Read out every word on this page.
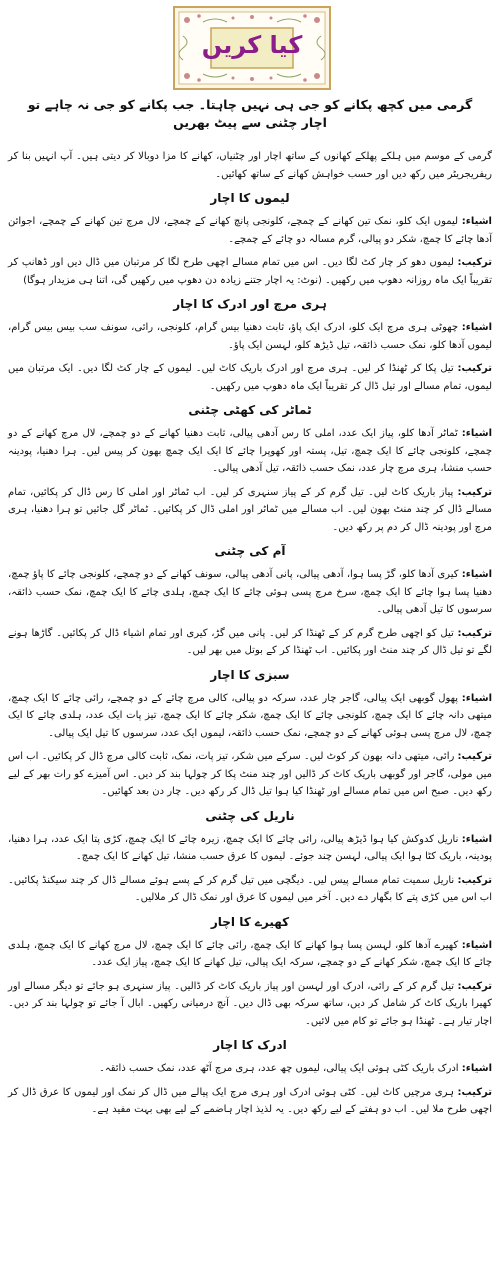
کیا کریں
گرمی میں کچھ پکانے کو جی ہی نہیں چاہتا۔ جب پکانے کو جی نہ چاہے تو اچار چٹنی سے پیٹ بھریں

گرمی کے موسم میں ہلکے پھلکے کھانوں کے ساتھ اچار اور چٹنیاں، کھانے کا مزا دوبالا کر دیتی ہیں۔ آپ انہیں بنا کر ریفریجریٹر میں رکھ دیں اور حسب خواہش کھانے کے ساتھ کھائیں۔

لیموں کا اچار

اشیاء: لیموں ایک کلو، نمک تین کھانے کے چمچے، کلونجی پانچ کھانے کے چمچے، لال مرچ تین کھانے کے چمچے، اجوائن آدھا چائے کا چمچ، شکر دو پیالی، گرم مسالہ دو چائے کے چمچے۔

ترکیب: لیموں دھو کر چار کٹ لگا دیں۔ اس میں تمام مسالے اچھی طرح لگا کر مرتبان میں ڈال دیں اور ڈھانپ کر تقریباً ایک ماہ روزانہ دھوپ میں رکھیں۔ (نوٹ: یہ اچار جتنے زیادہ دن دھوپ میں رکھیں گی، اتنا ہی مزیدار ہوگا)

ہری مرچ اور ادرک کا اچار

اشیاء: چھوٹی ہری مرچ ایک کلو، ادرک ایک پاؤ، ثابت دھنیا بیس گرام، کلونجی، رائی، سونف سب بیس بیس گرام، لیموں آدھا کلو، نمک حسب ذائقہ، تیل ڈیڑھ کلو، لہسن ایک پاؤ۔

ترکیب: تیل پکا کر ٹھنڈا کر لیں۔ ہری مرچ اور ادرک باریک کاٹ لیں۔ لیموں کے چار کٹ لگا دیں۔ ایک مرتبان میں لیموں، تمام مسالے اور تیل ڈال کر تقریباً ایک ماہ دھوپ میں رکھیں۔

ٹماٹر کی کھٹی چٹنی

اشیاء: ٹماٹر آدھا کلو، پیاز ایک عدد، املی کا رس آدھی پیالی، ثابت دھنیا کھانے کے دو چمچے، لال مرچ کھانے کے دو چمچے، کلونجی چائے کا ایک چمچ، تیل، پستہ اور کھوپرا چائے کا ایک ایک چمچ بھون کر پیس لیں۔ ہرا دھنیا، پودینہ حسب منشا، ہری مرچ چار عدد، نمک حسب ذائقہ، تیل آدھی پیالی۔

ترکیب: پیاز باریک کاٹ لیں۔ تیل گرم کر کے پیاز سنہری کر لیں۔ اب ٹماٹر اور املی کا رس ڈال کر پکائیں، تمام مسالے ڈال کر چند منٹ بھون لیں۔ اب مسالے میں ٹماٹر اور املی ڈال کر پکائیں۔ ٹماٹر گل جائیں تو ہرا دھنیا، ہری مرچ اور پودینہ ڈال کر دم پر رکھ دیں۔

آم کی چٹنی

اشیاء: کیری آدھا کلو، گڑ پسا ہوا، آدھی پیالی، پانی آدھی پیالی، سونف کھانے کے دو چمچے، کلونجی چائے کا پاؤ چمچ، دھنیا پسا ہوا چائے کا ایک چمچ، سرخ مرچ پسی ہوئی چائے کا ایک چمچ، ہلدی چائے کا ایک چمچ، نمک حسب ذائقہ، سرسوں کا تیل آدھی پیالی۔

ترکیب: تیل کو اچھی طرح گرم کر کے ٹھنڈا کر لیں۔ پانی میں گڑ، کیری اور تمام اشیاء ڈال کر پکائیں۔ گاڑھا ہونے لگے تو تیل ڈال کر چند منٹ اور پکائیں۔ اب ٹھنڈا کر کے بوتل میں بھر لیں۔

سبزی کا اچار

اشیاء: پھول گوبھی ایک پیالی، گاجر چار عدد، سرکہ دو پیالی، کالی مرچ چائے کے دو چمچے، رائی چائے کا ایک چمچ، میتھی دانہ چائے کا ایک چمچ، کلونجی چائے کا ایک چمچ، شکر چائے کا ایک چمچ، تیز پات ایک عدد، ہلدی چائے کا ایک چمچ، لال مرچ پسی ہوئی کھانے کے دو چمچے، نمک حسب ذائقہ، لیموں ایک عدد، سرسوں کا تیل ایک پیالی۔

ترکیب: رائی، میتھی دانہ بھون کر کوٹ لیں۔ سرکے میں شکر، تیز پات، نمک، ثابت کالی مرچ ڈال کر پکائیں۔ اب اس میں مولی، گاجر اور گوبھی باریک کاٹ کر ڈالیں اور چند منٹ پکا کر چولہا بند کر دیں۔ اس آمیزے کو رات بھر کے لیے رکھ دیں۔ صبح اس میں تمام مسالے اور ٹھنڈا کیا ہوا تیل ڈال کر رکھ دیں۔ چار دن بعد کھائیں۔

ناریل کی چٹنی

اشیاء: ناریل کدوکش کیا ہوا ڈیڑھ پیالی، رائی چائے کا ایک چمچ، زیرہ چائے کا ایک چمچ، کڑی پتا ایک عدد، ہرا دھنیا، پودینہ، باریک کٹا ہوا ایک پیالی، لہسن چند جوئے۔ لیموں کا عرق حسب منشا، تیل کھانے کا ایک چمچ۔

ترکیب: ناریل سمیت تمام مسالے پیس لیں۔ دیگچی میں تیل گرم کر کے پسے ہوئے مسالے ڈال کر چند سیکنڈ پکائیں۔ اب اس میں کڑی پتے کا بگھار دے دیں۔ آخر میں لیموں کا عرق اور نمک ڈال کر ملالیں۔

کھیرے کا اچار

اشیاء: کھیرے آدھا کلو، لہسن پسا ہوا کھانے کا ایک چمچ، رائی چائے کا ایک چمچ، لال مرچ کھانے کا ایک چمچ، ہلدی چائے کا ایک چمچ، شکر کھانے کے دو چمچے، سرکہ ایک پیالی، تیل کھانے کا ایک چمچ، پیاز ایک عدد۔

ترکیب: تیل گرم کر کے رائی، ادرک اور لہسن اور پیاز باریک کاٹ کر ڈالیں۔ پیاز سنہری ہو جائے تو دیگر مسالے اور کھیرا باریک کاٹ کر شامل کر دیں، ساتھ سرکہ بھی ڈال دیں۔ آنچ درمیانی رکھیں۔ ابال آ جائے تو چولہا بند کر دیں۔ اچار تیار ہے۔ ٹھنڈا ہو جائے تو کام میں لائیں۔

ادرک کا اچار

اشیاء: ادرک باریک کٹی ہوئی ایک پیالی، لیموں چھ عدد، ہری مرچ آٹھ عدد، نمک حسب ذائقہ۔

ترکیب: ہری مرچیں کاٹ لیں۔ کٹی ہوئی ادرک اور ہری مرچ ایک پیالے میں ڈال کر نمک اور لیموں کا عرق ڈال کر اچھی طرح ملا لیں۔ اب دو ہفتے کے لیے رکھ دیں۔ یہ لذیذ اچار ہاضمے کے لیے بھی بہت مفید ہے۔
